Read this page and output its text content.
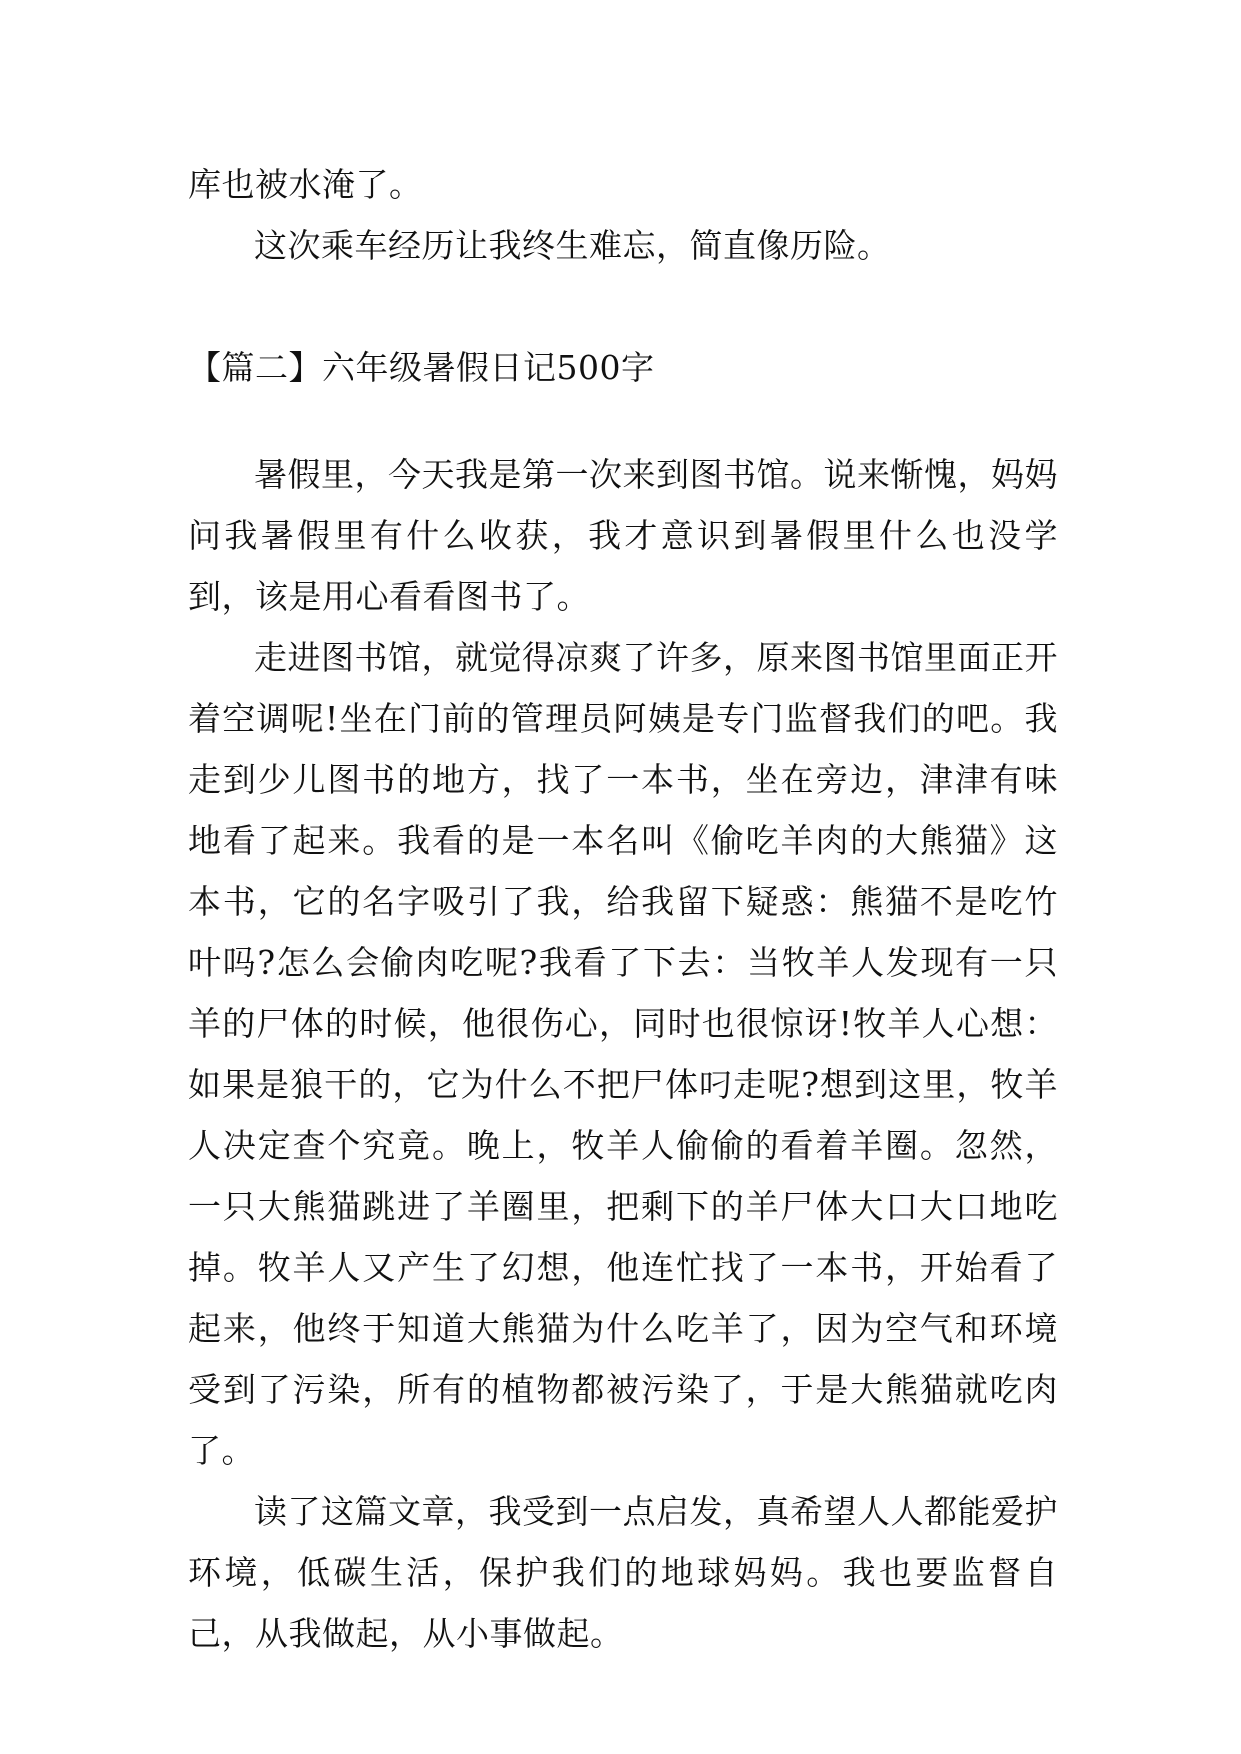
库也被水淹了。

这次乘车经历让我终生难忘，简直像历险。

【篇二】六年级暑假日记500字

暑假里，今天我是第一次来到图书馆。说来惭愧，妈妈问我暑假里有什么收获，我才意识到暑假里什么也没学到，该是用心看看图书了。

走进图书馆，就觉得凉爽了许多，原来图书馆里面正开着空调呢!坐在门前的管理员阿姨是专门监督我们的吧。我走到少儿图书的地方，找了一本书，坐在旁边，津津有味地看了起来。我看的是一本名叫《偷吃羊肉的大熊猫》这本书，它的名字吸引了我，给我留下疑惑：熊猫不是吃竹叶吗?怎么会偷肉吃呢?我看了下去：当牧羊人发现有一只羊的尸体的时候，他很伤心，同时也很惊讶!牧羊人心想：如果是狼干的，它为什么不把尸体叼走呢?想到这里，牧羊人决定查个究竟。晚上，牧羊人偷偷的看着羊圈。忽然，一只大熊猫跳进了羊圈里，把剩下的羊尸体大口大口地吃掉。牧羊人又产生了幻想，他连忙找了一本书，开始看了起来，他终于知道大熊猫为什么吃羊了，因为空气和环境受到了污染，所有的植物都被污染了，于是大熊猫就吃肉了。

读了这篇文章，我受到一点启发，真希望人人都能爱护环境，低碳生活，保护我们的地球妈妈。我也要监督自己，从我做起，从小事做起。
